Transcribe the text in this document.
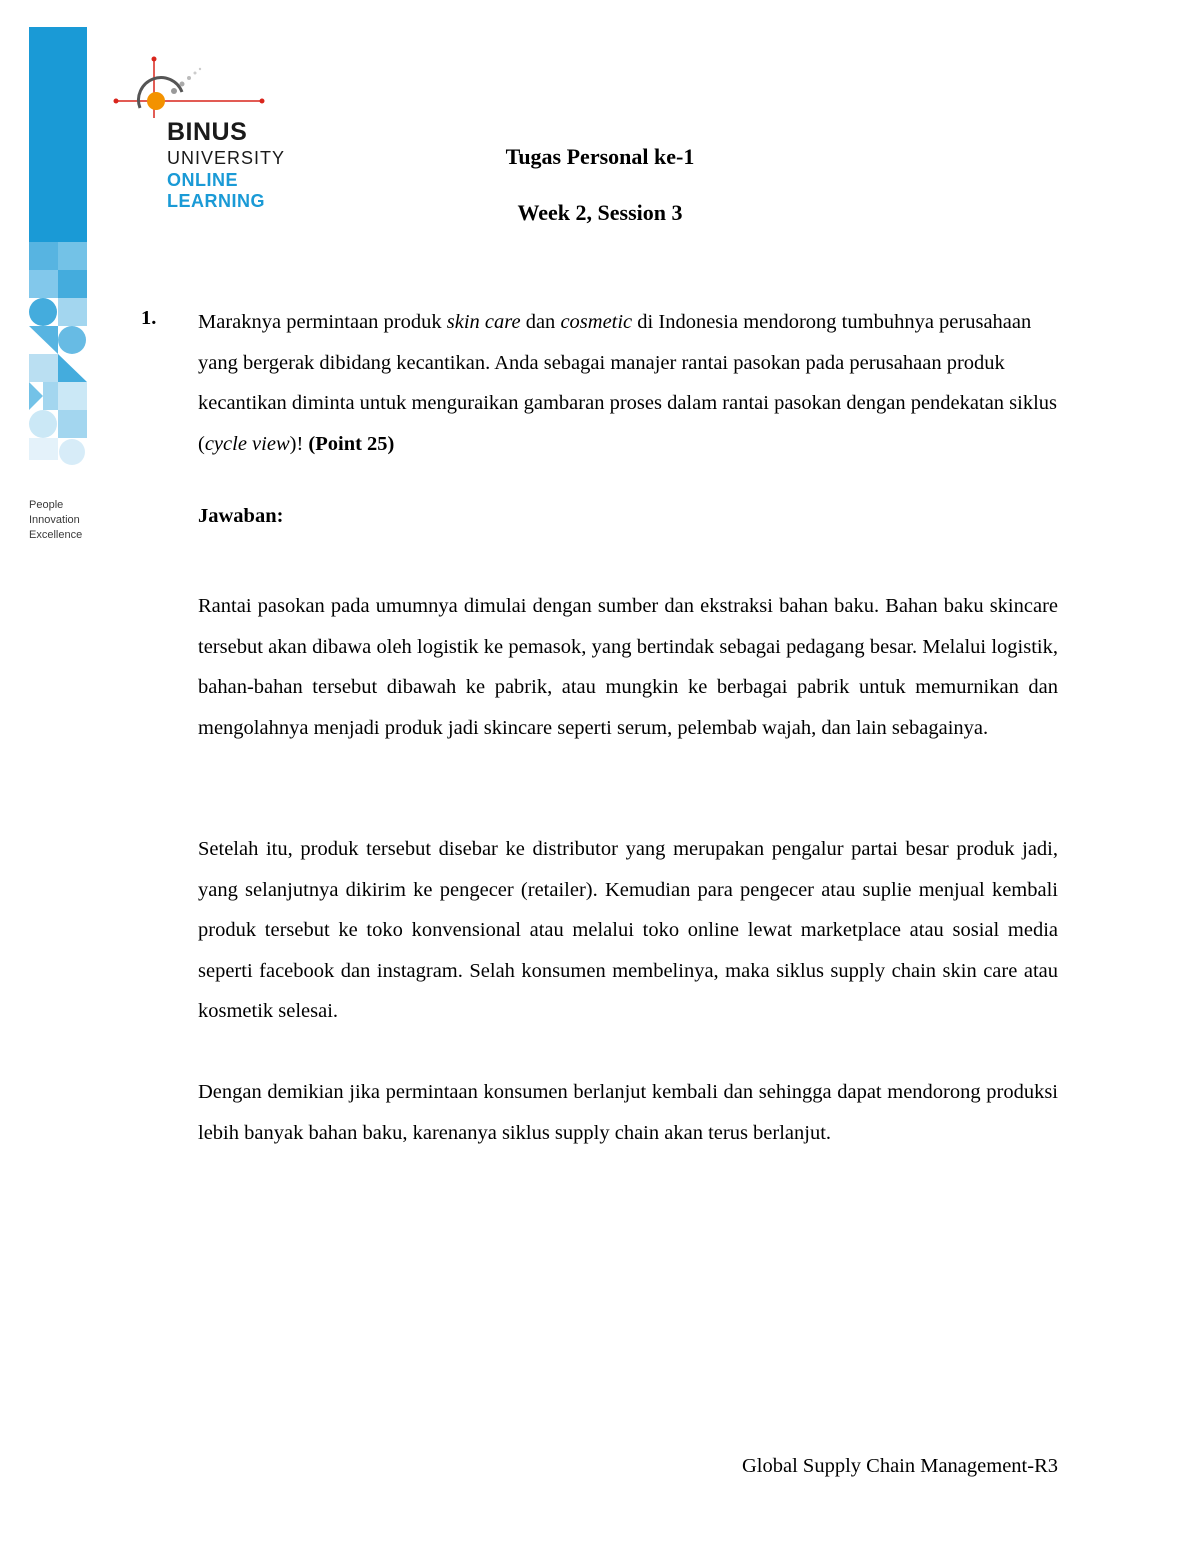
BINUS
UNIVERSITY
ONLINE
LEARNING
People
Innovation
Excellence
Tugas Personal ke-1
Week 2, Session 3
1. Maraknya permintaan produk skin care dan cosmetic di Indonesia mendorong tumbuhnya perusahaan yang bergerak dibidang kecantikan. Anda sebagai manajer rantai pasokan pada perusahaan produk kecantikan diminta untuk menguraikan gambaran proses dalam rantai pasokan dengan pendekatan siklus (cycle view)! (Point 25)
Jawaban:
Rantai pasokan pada umumnya dimulai dengan sumber dan ekstraksi bahan baku. Bahan baku skincare tersebut akan dibawa oleh logistik ke pemasok, yang bertindak sebagai pedagang besar. Melalui logistik, bahan-bahan tersebut dibawah ke pabrik, atau mungkin ke berbagai pabrik untuk memurnikan dan mengolahnya menjadi produk jadi skincare seperti serum, pelembab wajah, dan lain sebagainya.
Setelah itu, produk tersebut disebar ke distributor yang merupakan pengalur partai besar produk jadi, yang selanjutnya dikirim ke pengecer (retailer). Kemudian para pengecer atau suplie menjual kembali produk tersebut ke toko konvensional atau melalui toko online lewat marketplace atau sosial media seperti facebook dan instagram. Selah konsumen membelinya, maka siklus supply chain skin care atau kosmetik selesai.
Dengan demikian jika permintaan konsumen berlanjut kembali dan sehingga dapat mendorong produksi lebih banyak bahan baku, karenanya siklus supply chain akan terus berlanjut.
Global Supply Chain Management-R3
